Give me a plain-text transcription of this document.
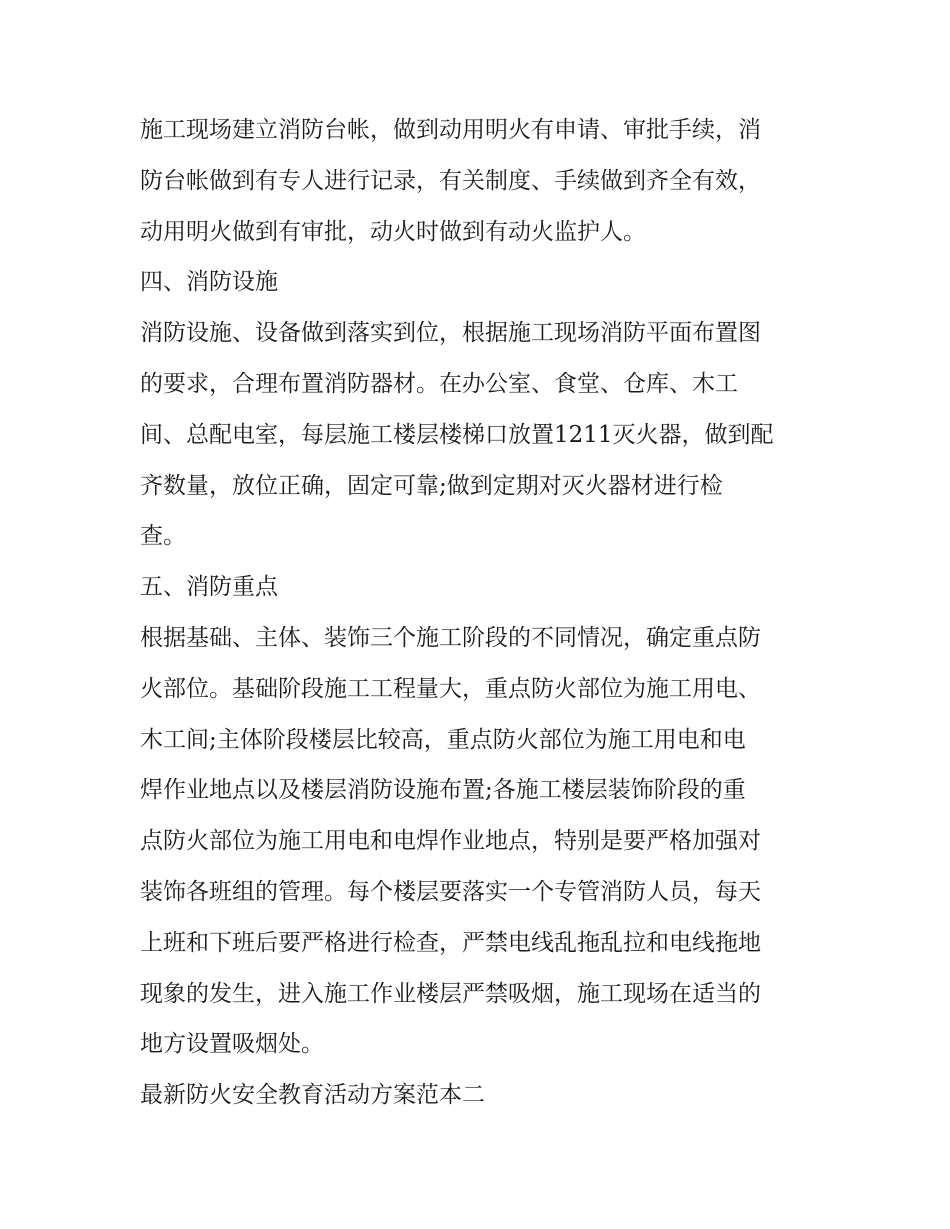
施工现场建立消防台帐，做到动用明火有申请、审批手续，消
防台帐做到有专人进行记录，有关制度、手续做到齐全有效，
动用明火做到有审批，动火时做到有动火监护人。
四、消防设施
消防设施、设备做到落实到位，根据施工现场消防平面布置图
的要求，合理布置消防器材。在办公室、食堂、仓库、木工
间、总配电室，每层施工楼层楼梯口放置1211灭火器，做到配
齐数量，放位正确，固定可靠;做到定期对灭火器材进行检
查。
五、消防重点
根据基础、主体、装饰三个施工阶段的不同情况，确定重点防
火部位。基础阶段施工工程量大，重点防火部位为施工用电、
木工间;主体阶段楼层比较高，重点防火部位为施工用电和电
焊作业地点以及楼层消防设施布置;各施工楼层装饰阶段的重
点防火部位为施工用电和电焊作业地点，特别是要严格加强对
装饰各班组的管理。每个楼层要落实一个专管消防人员，每天
上班和下班后要严格进行检查，严禁电线乱拖乱拉和电线拖地
现象的发生，进入施工作业楼层严禁吸烟，施工现场在适当的
地方设置吸烟处。
最新防火安全教育活动方案范本二
